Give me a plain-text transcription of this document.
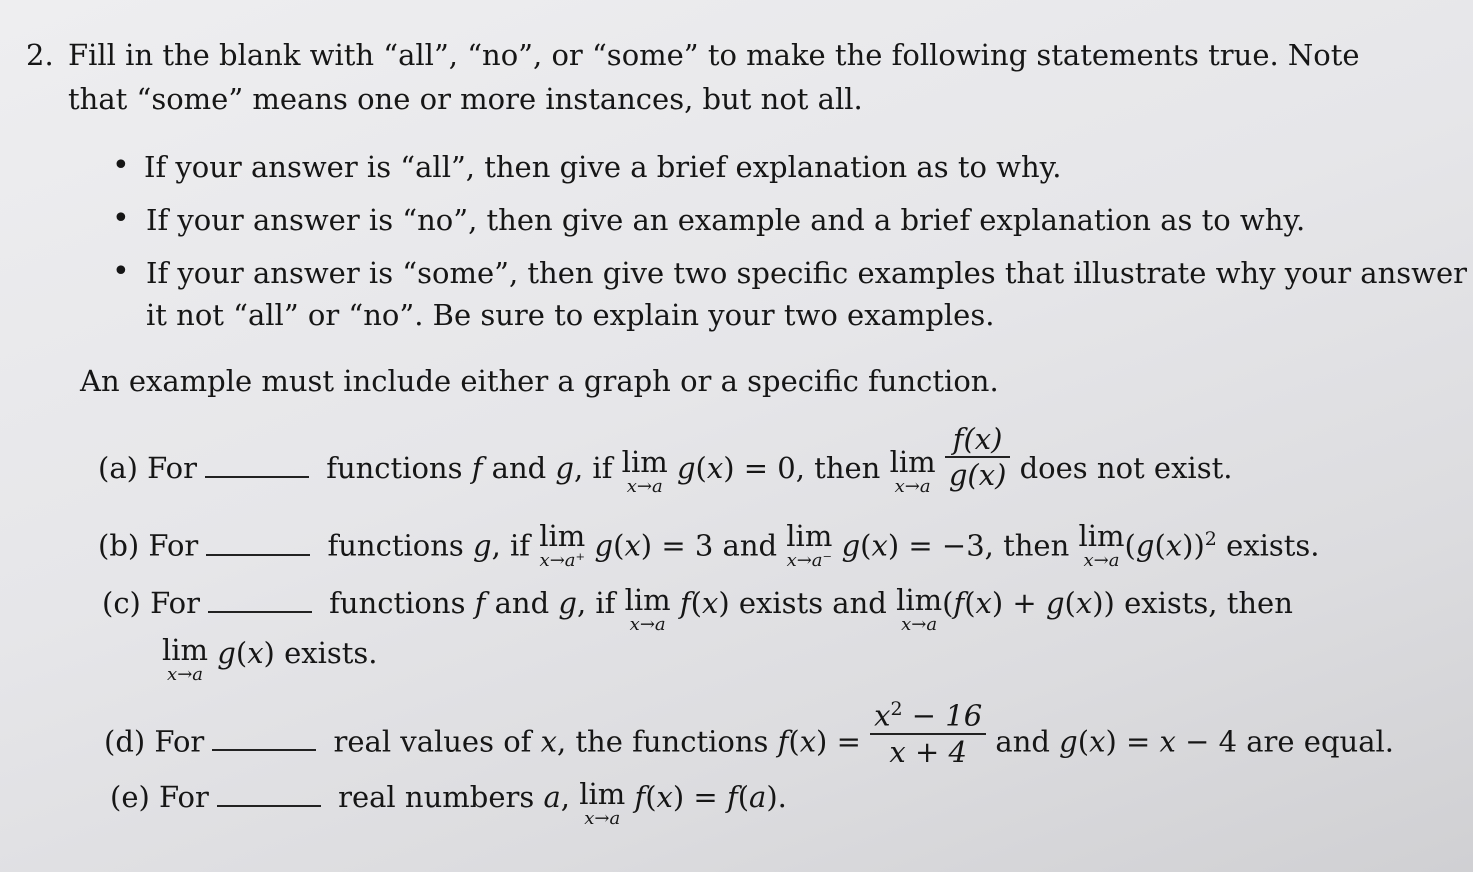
2. Fill in the blank with “all”, “no”, or “some” to make the following statements true. Note
that “some” means one or more instances, but not all.
• If your answer is “all”, then give a brief explanation as to why.
• If your answer is “no”, then give an example and a brief explanation as to why.
• If your answer is “some”, then give two specific examples that illustrate why your answer
it not “all” or “no”. Be sure to explain your two examples.
An example must include either a graph or a specific function.
(a) For	functions f and g, if lim
x→a
g(x) = 0, then lim
x→a
$\frac{f(x)}{g(x)}$ does not exist.
(b) For	functions g, if lim
x→a⁺ g(x) = 3 and lim
x→a⁻ g(x) = −3, then lim
x→a $(g(x))^2$ exists.
(c) For	functions f and g, if lim
x→a
f(x) exists and lim
x→a
(f(x) + g(x)) exists, then
lim
x→a
g(x) exists.
(d) For	real values of x, the functions $f(x) = \frac{x^2 - 16}{x + 4}$ and g(x) = x − 4 are equal.
(e) For	real numbers a, lim
x→a
f(x) = f(a).
